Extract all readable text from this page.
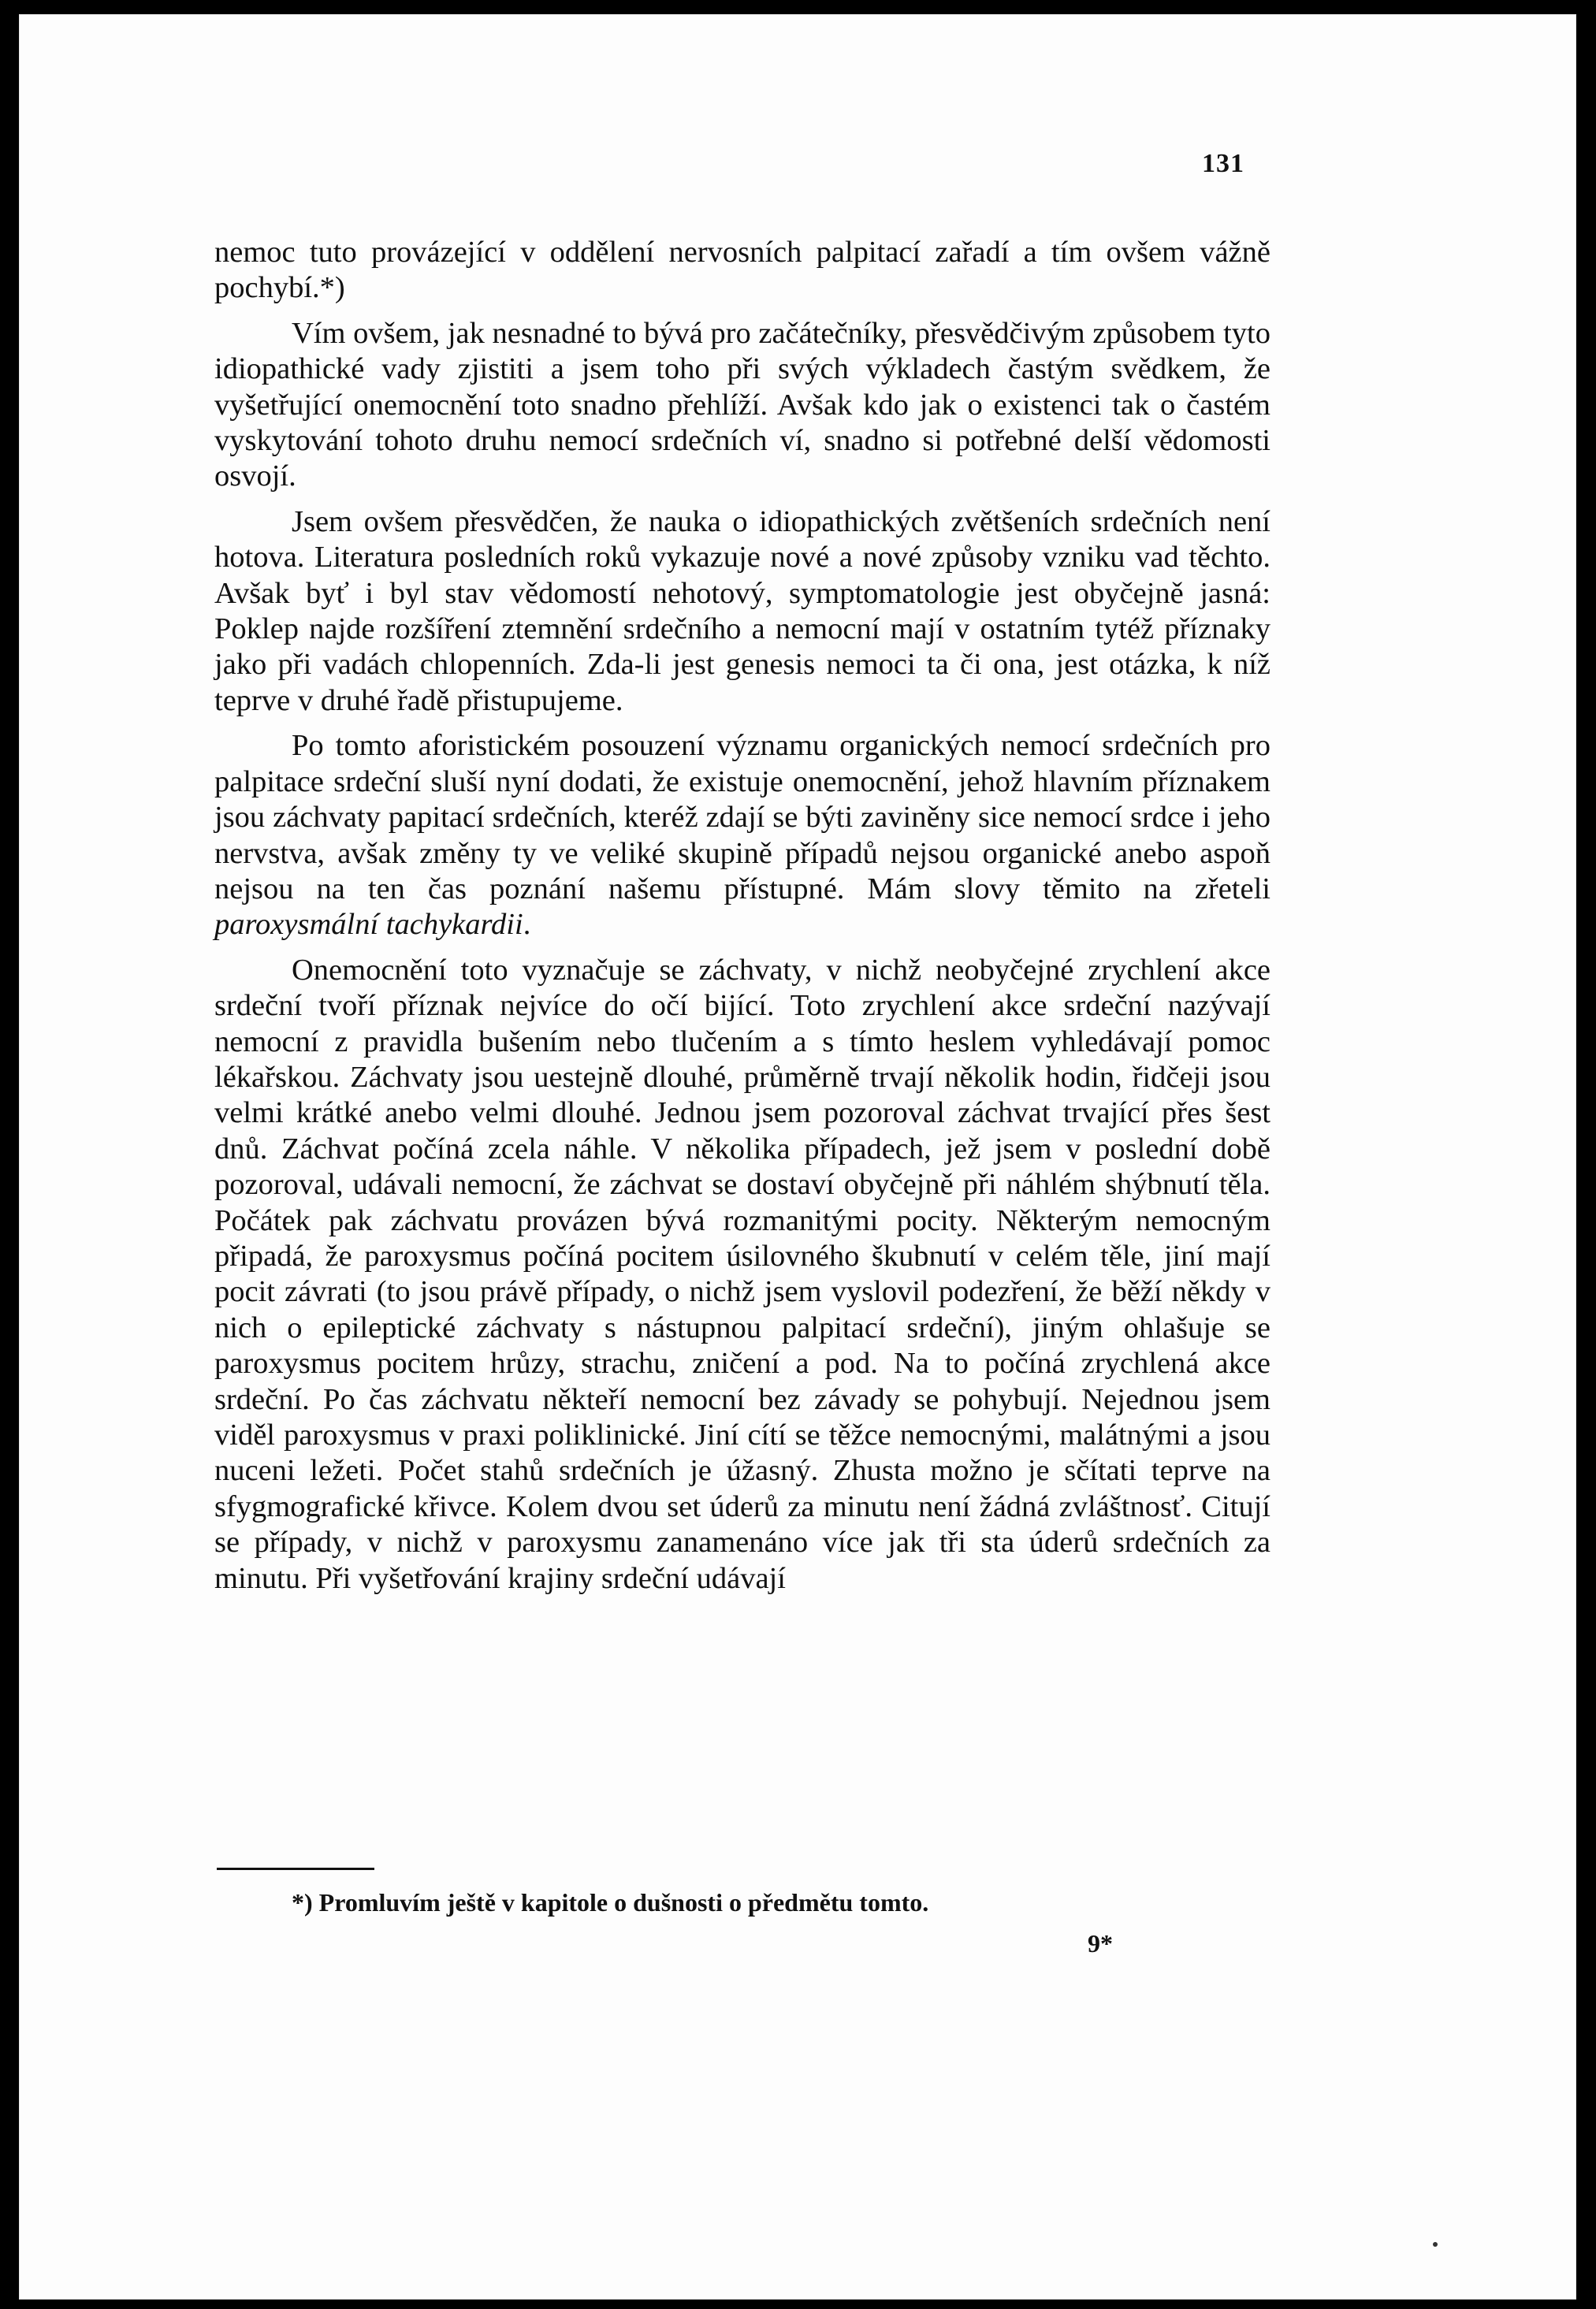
131

nemoc tuto provázející v oddělení nervosních palpitací zařadí a tím ovšem vážně pochybí.*)

Vím ovšem, jak nesnadné to bývá pro začátečníky, přesvědčivým způsobem tyto idiopathické vady zjistiti a jsem toho při svých výkladech častým svědkem, že vyšetřující onemocnění toto snadno přehlíží. Avšak kdo jak o existenci tak o častém vyskytování tohoto druhu nemocí srdečních ví, snadno si potřebné delší vědomosti osvojí.

Jsem ovšem přesvědčen, že nauka o idiopathických zvětšeních srdečních není hotova. Literatura posledních roků vykazuje nové a nové způsoby vzniku vad těchto. Avšak byť i byl stav vědomostí nehotový, symptomatologie jest obyčejně jasná: Poklep najde rozšíření ztemnění srdečního a nemocní mají v ostatním tytéž příznaky jako při vadách chlopenních. Zda-li jest genesis nemoci ta či ona, jest otázka, k níž teprve v druhé řadě přistupujeme.

Po tomto aforistickém posouzení významu organických nemocí srdečních pro palpitace srdeční sluší nyní dodati, že existuje onemocnění, jehož hlavním příznakem jsou záchvaty papitací srdečních, kteréž zdají se býti zaviněny sice nemocí srdce i jeho nervstva, avšak změny ty ve veliké skupině případů nejsou organické anebo aspoň nejsou na ten čas poznání našemu přístupné. Mám slovy těmito na zřeteli paroxysmální tachykardii.

Onemocnění toto vyznačuje se záchvaty, v nichž neobyčejné zrychlení akce srdeční tvoří příznak nejvíce do očí bijící. Toto zrychlení akce srdeční nazývají nemocní z pravidla bušením nebo tlučením a s tímto heslem vyhledávají pomoc lékařskou. Záchvaty jsou uestejně dlouhé, průměrně trvají několik hodin, řidčeji jsou velmi krátké anebo velmi dlouhé. Jednou jsem pozoroval záchvat trvající přes šest dnů. Záchvat počíná zcela náhle. V několika případech, jež jsem v poslední době pozoroval, udávali nemocní, že záchvat se dostaví obyčejně při náhlém shýbnutí těla. Počátek pak záchvatu provázen bývá rozmanitými pocity. Některým nemocným připadá, že paroxysmus počíná pocitem úsilovného škubnutí v celém těle, jiní mají pocit závrati (to jsou právě případy, o nichž jsem vyslovil podezření, že běží někdy v nich o epileptické záchvaty s nástupnou palpitací srdeční), jiným ohlašuje se paroxysmus pocitem hrůzy, strachu, zničení a pod. Na to počíná zrychlená akce srdeční. Po čas záchvatu někteří nemocní bez závady se pohybují. Nejednou jsem viděl paroxysmus v praxi poliklinické. Jiní cítí se těžce nemocnými, malátnými a jsou nuceni ležeti. Počet stahů srdečních je úžasný. Zhusta možno je sčítati teprve na sfygmografické křivce. Kolem dvou set úderů za minutu není žádná zvláštnosť. Citují se případy, v nichž v paroxysmu zanamenáno více jak tři sta úderů srdečních za minutu. Při vyšetřování krajiny srdeční udávají

*) Promluvím ještě v kapitole o dušnosti o předmětu tomto.
9*
